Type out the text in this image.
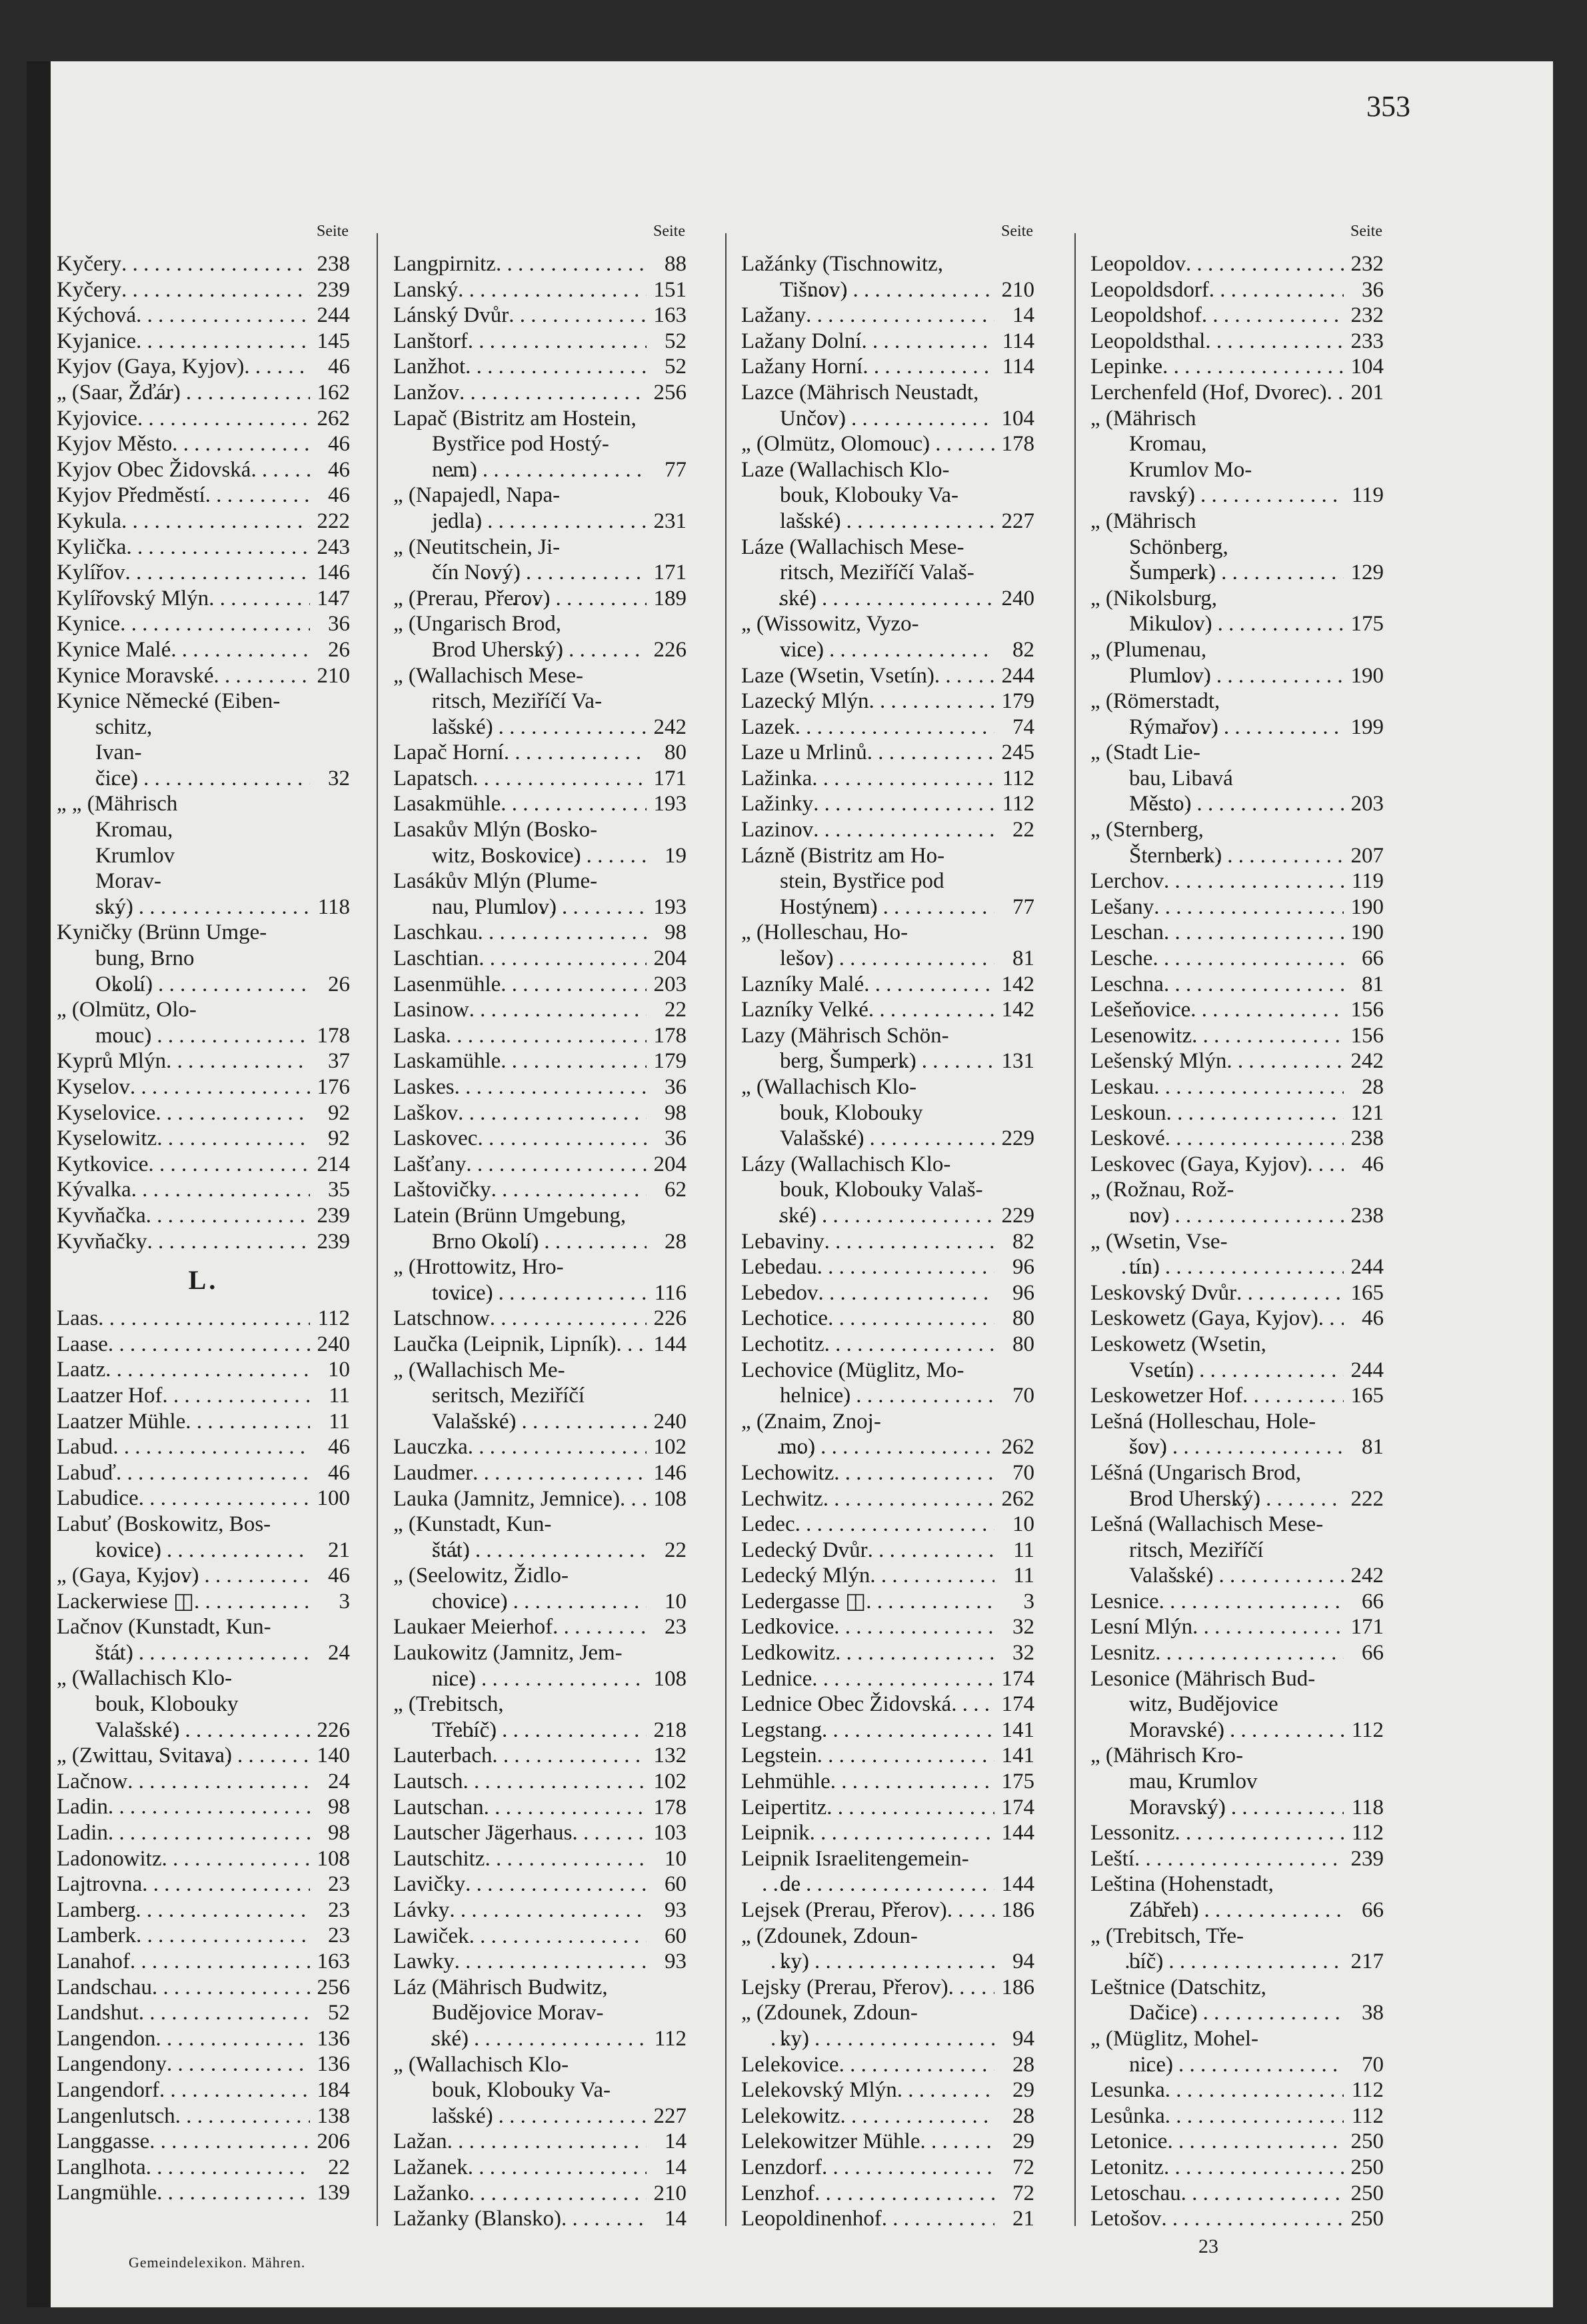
353
Seite
Kyčery . . .	238
Kyčery . . .	239
Kýchová . . .	244
Kyjanice . . .	145
Kyjov (Gaya, Kyjov) . . .	46
„ (Saar, Žďár) . . .	162
Kyjovice . . .	262
Kyjov Město . . .	46
Kyjov Obec Židovská . . .	46
Kyjov Předměstí . . .	46
Kykula . . .	222
Kylička . . .	243
Kylířov . . .	146
Kylířovský Mlýn . . .	147
Kynice . . .	36
Kynice Malé . . .	26
Kynice Moravské . . .	210
Kynice Německé (Eiben-
schitz,
Ivan-
čice) . . .	32
„ „ (Mährisch
Kromau,
Krumlov
Morav-
ský) . . .	118
Kyničky (Brünn Umge-
bung, Brno
Okolí) . . .	26
„ (Olmütz, Olo-
mouc) . . .	178
Kyprů Mlýn . . .	37
Kyselov . . .	176
Kyselovice . . .	92
Kyselowitz . . .	92
Kytkovice . . .	214
Kývalka . . .	35
Kyvňačka . . .	239
Kyvňačky . . .	239
L.
Laas . . .	112
Laase . . .	240
Laatz . . .	10
Laatzer Hof . . .	11
Laatzer Mühle . . .	11
Labud . . .	46
Labuď . . .	46
Labudice . . .	100
Labuť (Boskowitz, Bos-
kovice) . . .	21
„ (Gaya, Kyjov) . . .	46
Lackerwiese ◫ . . .	3
Lačnov (Kunstadt, Kun-
štát) . . .	24
„ (Wallachisch Klo-
bouk, Klobouky
Valašské) . . .	226
„ (Zwittau, Svitava) . . .	140
Lačnow . . .	24
Ladin . . .	98
Ladin . . .	98
Ladonowitz . . .	108
Lajtrovna . . .	23
Lamberg . . .	23
Lamberk . . .	23
Lanahof . . .	163
Landschau . . .	256
Landshut . . .	52
Langendon . . .	136
Langendony . . .	136
Langendorf . . .	184
Langenlutsch . . .	138
Langgasse . . .	206
Langlhota . . .	22
Langmühle . . .	139
Seite
Langpirnitz . . .	88
Lanský . . .	151
Lánský Dvůr . . .	163
Lanštorf . . .	52
Lanžhot . . .	52
Lanžov . . .	256
Lapač (Bistritz am Hostein,
Bystřice pod Hostý-
nem) . . .	77
„ (Napajedl, Napa-
jedla) . . .	231
„ (Neutitschein, Ji-
čín Nový) . . .	171
„ (Prerau, Přerov) . . .	189
„ (Ungarisch Brod,
Brod Uherský) . . .	226
„ (Wallachisch Mese-
ritsch, Meziříčí Va-
lašské) . . .	242
Lapač Horní . . .	80
Lapatsch . . .	171
Lasakmühle . . .	193
Lasakův Mlýn (Bosko-
witz, Boskovice) . . .	19
Lasákův Mlýn (Plume-
nau, Plumlov) . . .	193
Laschkau . . .	98
Laschtian . . .	204
Lasenmühle . . .	203
Lasinow . . .	22
Laska . . .	178
Laskamühle . . .	179
Laskes . . .	36
Laškov . . .	98
Laskovec . . .	36
Lašťany . . .	204
Laštovičky . . .	62
Latein (Brünn Umgebung,
Brno Okolí) . . .	28
„ (Hrottowitz, Hro-
tovice) . . .	116
Latschnow . . .	226
Laučka (Leipnik, Lipník) . . .	144
„ (Wallachisch Me-
seritsch, Meziříčí
Valašské) . . .	240
Lauczka . . .	102
Laudmer . . .	146
Lauka (Jamnitz, Jemnice) . . .	108
„ (Kunstadt, Kun-
štát) . . .	22
„ (Seelowitz, Židlo-
chovice) . . .	10
Laukaer Meierhof . . .	23
Laukowitz (Jamnitz, Jem-
nice) . . .	108
„ (Trebitsch,
Třebíč) . . .	218
Lauterbach . . .	132
Lautsch . . .	102
Lautschan . . .	178
Lautscher Jägerhaus . . .	103
Lautschitz . . .	10
Lavičky . . .	60
Lávky . . .	93
Lawiček . . .	60
Lawky . . .	93
Láz (Mährisch Budwitz,
Budějovice Morav-
ské) . . .	112
„ (Wallachisch Klo-
bouk, Klobouky Va-
lašské) . . .	227
Lažan . . .	14
Lažanek . . .	14
Lažanko . . .	210
Lažanky (Blansko) . . .	14
Seite
Lažánky (Tischnowitz,
Tišnov) . . .	210
Lažany . . .	14
Lažany Dolní . . .	114
Lažany Horní . . .	114
Lazce (Mährisch Neustadt,
Unčov) . . .	104
„ (Olmütz, Olomouc) . . .	178
Laze (Wallachisch Klo-
bouk, Klobouky Va-
lašské) . . .	227
Láze (Wallachisch Mese-
ritsch, Meziříčí Valaš-
ské) . . .	240
„ (Wissowitz, Vyzo-
vice) . . .	82
Laze (Wsetin, Vsetín) . . .	244
Lazecký Mlýn . . .	179
Lazek . . .	74
Laze u Mrlinů . . .	245
Lažinka . . .	112
Lažinky . . .	112
Lazinov . . .	22
Lázně (Bistritz am Ho-
stein, Bystřice pod
Hostýnem) . . .	77
„ (Holleschau, Ho-
lešov) . . .	81
Lazníky Malé . . .	142
Lazníky Velké . . .	142
Lazy (Mährisch Schön-
berg, Šumperk) . . .	131
„ (Wallachisch Klo-
bouk, Klobouky
Valašské) . . .	229
Lázy (Wallachisch Klo-
bouk, Klobouky Valaš-
ské) . . .	229
Lebaviny . . .	82
Lebedau . . .	96
Lebedov . . .	96
Lechotice . . .	80
Lechotitz . . .	80
Lechovice (Müglitz, Mo-
helnice) . . .	70
„ (Znaim, Znoj-
mo) . . .	262
Lechowitz . . .	70
Lechwitz . . .	262
Ledec . . .	10
Ledecký Dvůr . . .	11
Ledecký Mlýn . . .	11
Ledergasse ◫ . . .	3
Ledkovice . . .	32
Ledkowitz . . .	32
Lednice . . .	174
Lednice Obec Židovská . . .	174
Legstang . . .	141
Legstein . . .	141
Lehmühle . . .	175
Leipertitz . . .	174
Leipnik . . .	144
Leipnik Israelitengemein-
de . . .	144
Lejsek (Prerau, Přerov) . . .	186
„ (Zdounek, Zdoun-
ky) . . .	94
Lejsky (Prerau, Přerov) . . .	186
„ (Zdounek, Zdoun-
ky) . . .	94
Lelekovice . . .	28
Lelekovský Mlýn . . .	29
Lelekowitz . . .	28
Lelekowitzer Mühle . . .	29
Lenzdorf . . .	72
Lenzhof . . .	72
Leopoldinenhof . . .	21
Seite
Leopoldov . . .	232
Leopoldsdorf . . .	36
Leopoldshof . . .	232
Leopoldsthal . . .	233
Lepinke . . .	104
Lerchenfeld (Hof, Dvorec) . . .	201
„ (Mährisch
Kromau,
Krumlov Mo-
ravský) . . .	119
„ (Mährisch
Schönberg,
Šumperk) . . .	129
„ (Nikolsburg,
Mikulov) . . .	175
„ (Plumenau,
Plumlov) . . .	190
„ (Römerstadt,
Rýmařov) . . .	199
„ (Stadt Lie-
bau, Libavá
Město) . . .	203
„ (Sternberg,
Šternberk) . . .	207
Lerchov . . .	119
Lešany . . .	190
Leschan . . .	190
Lesche . . .	66
Leschna . . .	81
Lešeňovice . . .	156
Lesenowitz . . .	156
Lešenský Mlýn . . .	242
Leskau . . .	28
Leskoun . . .	121
Leskové . . .	238
Leskovec (Gaya, Kyjov) . . .	46
„ (Rožnau, Rož-
nov) . . .	238
„ (Wsetin, Vse-
tín) . . .	244
Leskovský Dvůr . . .	165
Leskowetz (Gaya, Kyjov) . . .	46
Leskowetz (Wsetin,
Vsetín) . . .	244
Leskowetzer Hof . . .	165
Lešná (Holleschau, Hole-
šov) . . .	81
Léšná (Ungarisch Brod,
Brod Uherský) . . .	222
Lešná (Wallachisch Mese-
ritsch, Meziříčí
Valašské) . . .	242
Lesnice . . .	66
Lesní Mlýn . . .	171
Lesnitz . . .	66
Lesonice (Mährisch Bud-
witz, Budějovice
Moravské) . . .	112
„ (Mährisch Kro-
mau, Krumlov
Moravský) . . .	118
Lessonitz . . .	112
Leští . . .	239
Leština (Hohenstadt,
Zábřeh) . . .	66
„ (Trebitsch, Tře-
bíč) . . .	217
Leštnice (Datschitz,
Dačice) . . .	38
„ (Müglitz, Mohel-
nice) . . .	70
Lesunka . . .	112
Lesůnka . . .	112
Letonice . . .	250
Letonitz . . .	250
Letoschau . . .	250
Letošov . . .	250
Gemeindelexikon. Mähren.
23
